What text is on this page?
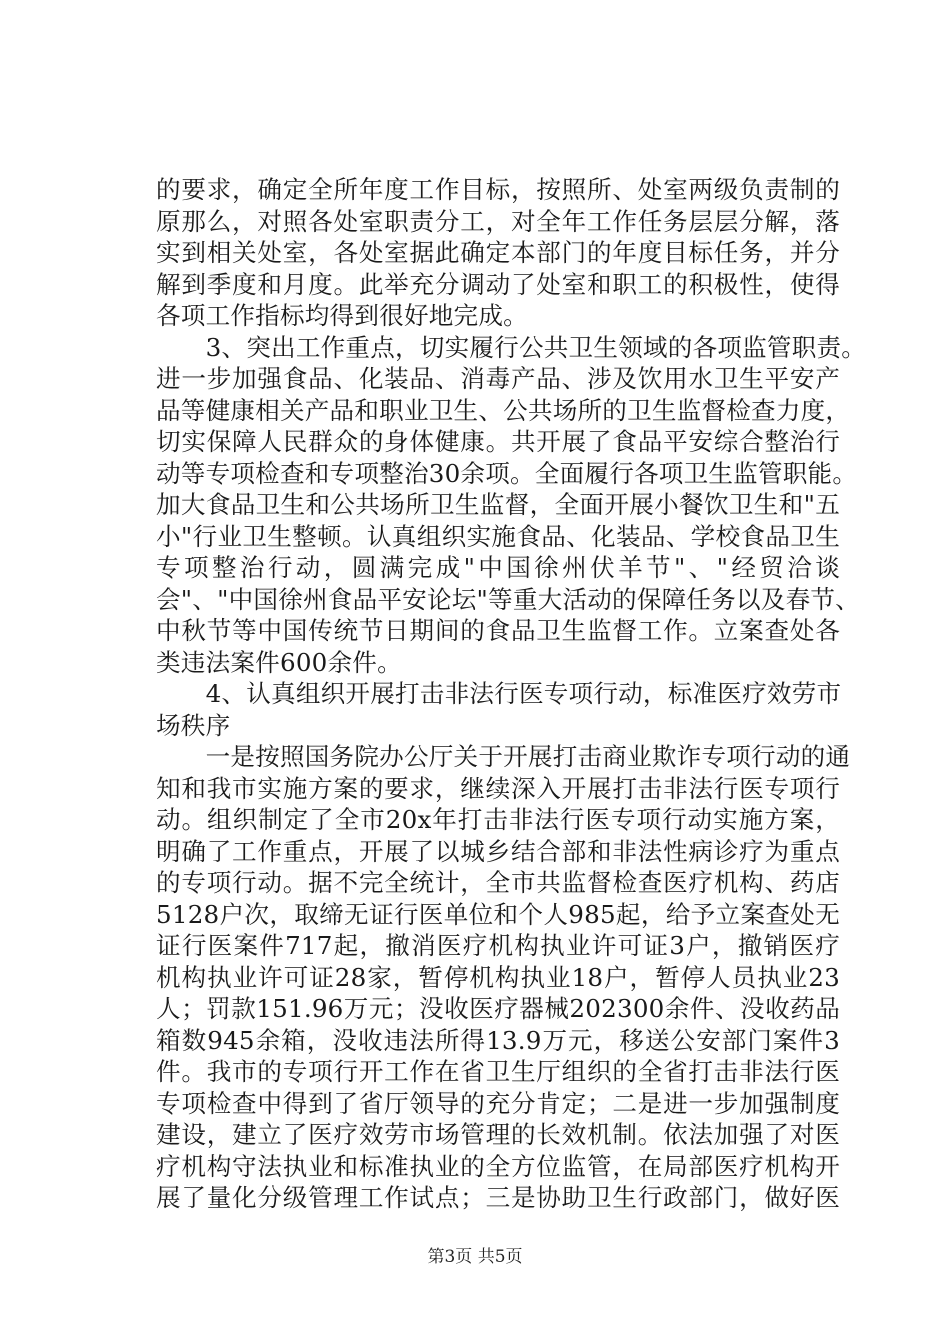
的要求，确定全所年度工作目标，按照所、处室两级负责制的
原那么，对照各处室职责分工，对全年工作任务层层分解，落
实到相关处室，各处室据此确定本部门的年度目标任务，并分
解到季度和月度。此举充分调动了处室和职工的积极性，使得
各项工作指标均得到很好地完成。
　　3、突出工作重点，切实履行公共卫生领域的各项监管职责。
进一步加强食品、化装品、消毒产品、涉及饮用水卫生平安产
品等健康相关产品和职业卫生、公共场所的卫生监督检查力度，
切实保障人民群众的身体健康。共开展了食品平安综合整治行
动等专项检查和专项整治30余项。全面履行各项卫生监管职能。
加大食品卫生和公共场所卫生监督，全面开展小餐饮卫生和"五
小"行业卫生整顿。认真组织实施食品、化装品、学校食品卫生
专项整治行动，圆满完成"中国徐州伏羊节"、"经贸洽谈
会"、"中国徐州食品平安论坛"等重大活动的保障任务以及春节、
中秋节等中国传统节日期间的食品卫生监督工作。立案查处各
类违法案件600余件。
　　4、认真组织开展打击非法行医专项行动，标准医疗效劳市
场秩序
　　一是按照国务院办公厅关于开展打击商业欺诈专项行动的通
知和我市实施方案的要求，继续深入开展打击非法行医专项行
动。组织制定了全市20x年打击非法行医专项行动实施方案，
明确了工作重点，开展了以城乡结合部和非法性病诊疗为重点
的专项行动。据不完全统计，全市共监督检查医疗机构、药店
5128户次，取缔无证行医单位和个人985起，给予立案查处无
证行医案件717起，撤消医疗机构执业许可证3户，撤销医疗
机构执业许可证28家，暂停机构执业18户，暂停人员执业23
人；罚款151.96万元；没收医疗器械202300余件、没收药品
箱数945余箱，没收违法所得13.9万元，移送公安部门案件3
件。我市的专项行开工作在省卫生厅组织的全省打击非法行医
专项检查中得到了省厅领导的充分肯定；二是进一步加强制度
建设，建立了医疗效劳市场管理的长效机制。依法加强了对医
疗机构守法执业和标准执业的全方位监管，在局部医疗机构开
展了量化分级管理工作试点；三是协助卫生行政部门，做好医
第3页 共5页
